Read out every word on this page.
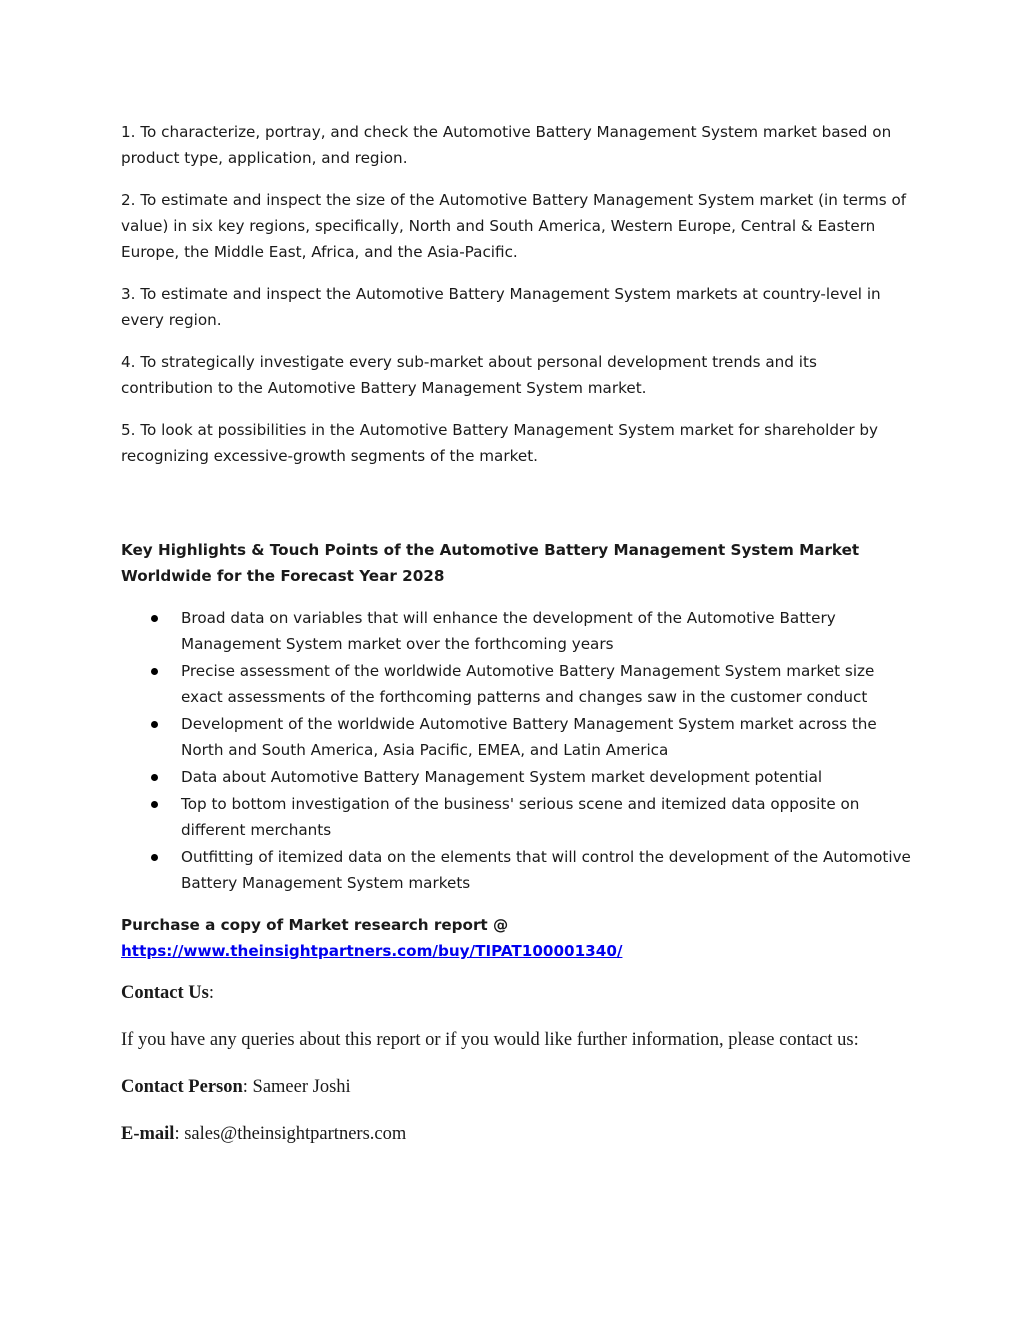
1. To characterize, portray, and check the Automotive Battery Management System market based on product type, application, and region.

2. To estimate and inspect the size of the Automotive Battery Management System market (in terms of value) in six key regions, specifically, North and South America, Western Europe, Central & Eastern Europe, the Middle East, Africa, and the Asia-Pacific.

3. To estimate and inspect the Automotive Battery Management System markets at country-level in every region.

4. To strategically investigate every sub-market about personal development trends and its contribution to the Automotive Battery Management System market.

5. To look at possibilities in the Automotive Battery Management System market for shareholder by recognizing excessive-growth segments of the market.

Key Highlights & Touch Points of the Automotive Battery Management System Market Worldwide for the Forecast Year 2028

Broad data on variables that will enhance the development of the Automotive Battery Management System market over the forthcoming years
Precise assessment of the worldwide Automotive Battery Management System market size exact assessments of the forthcoming patterns and changes saw in the customer conduct
Development of the worldwide Automotive Battery Management System market across the North and South America, Asia Pacific, EMEA, and Latin America
Data about Automotive Battery Management System market development potential
Top to bottom investigation of the business' serious scene and itemized data opposite on different merchants
Outfitting of itemized data on the elements that will control the development of the Automotive Battery Management System markets

Purchase a copy of Market research report @
https://www.theinsightpartners.com/buy/TIPAT100001340/

Contact Us:

If you have any queries about this report or if you would like further information, please contact us:

Contact Person: Sameer Joshi

E-mail: sales@theinsightpartners.com
